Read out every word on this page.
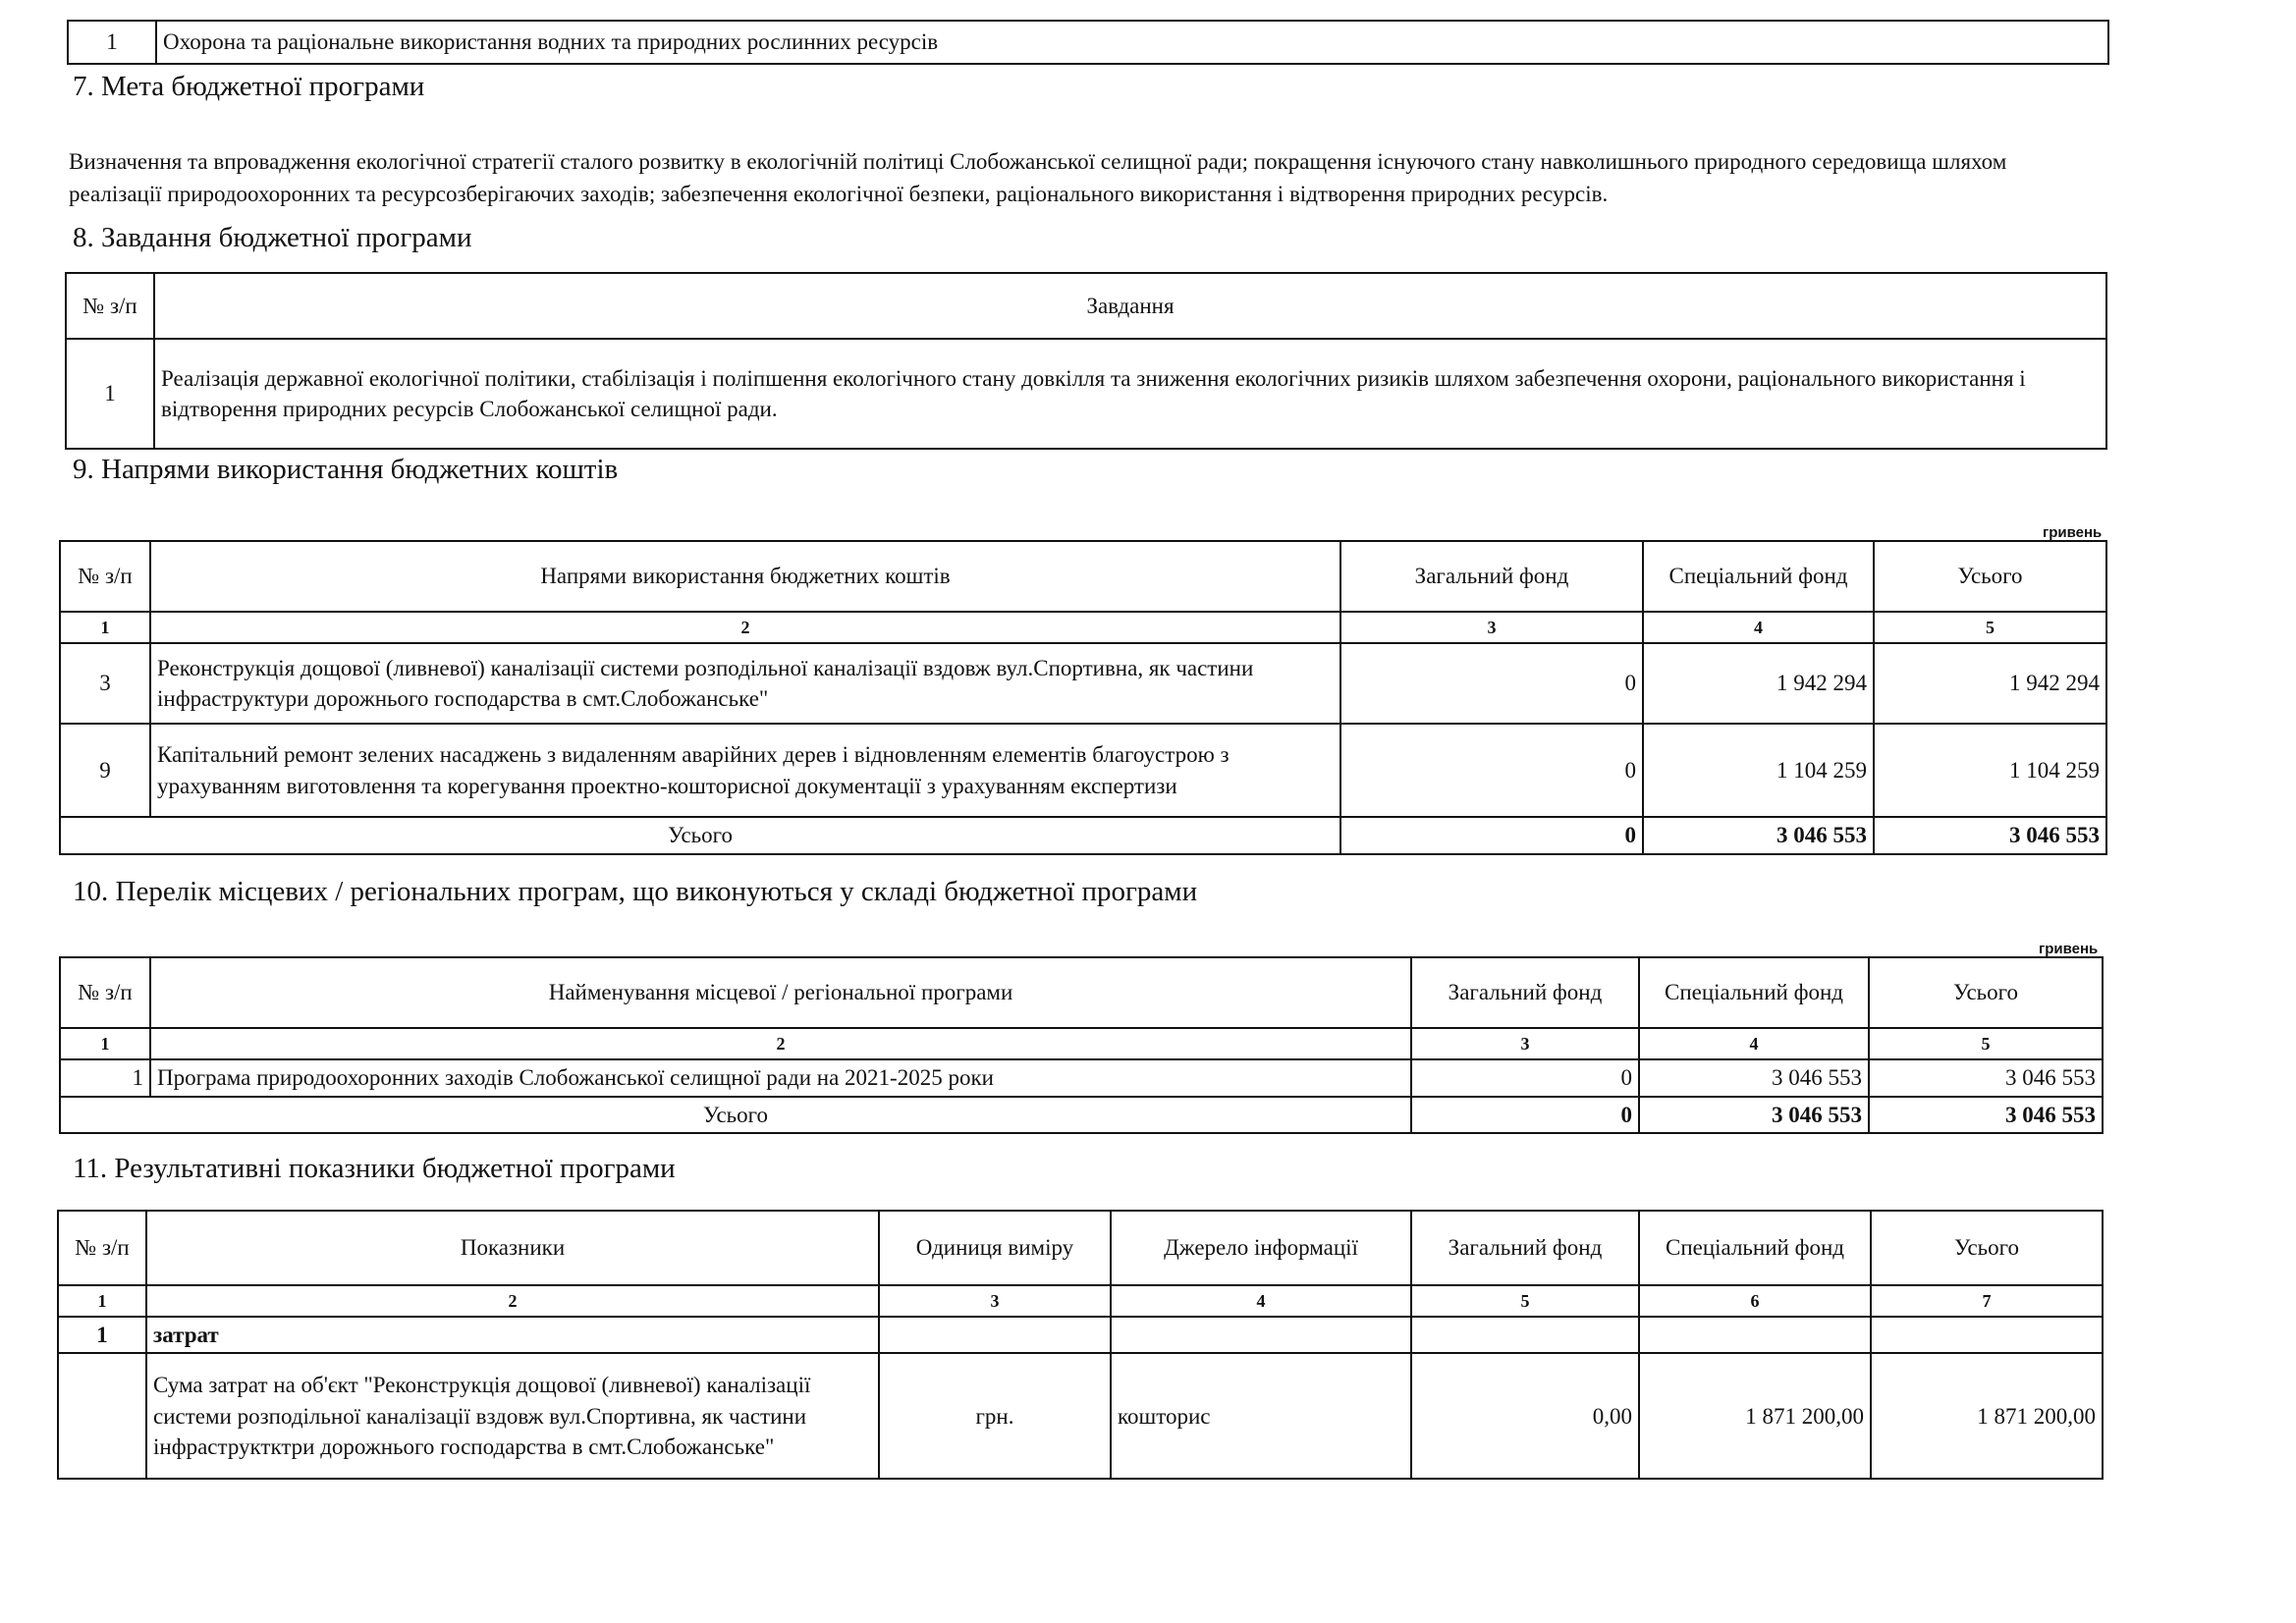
1	Охорона та раціональне використання водних та природних рослинних ресурсів
7. Мета бюджетної програми
Визначення та впровадження екологічної стратегії сталого розвитку в екологічній політиці Слобожанської селищної ради; покращення існуючого стану навколишнього природного середовища шляхом реалізації природоохоронних та ресурсозберігаючих заходів; забезпечення екологічної безпеки, раціонального використання і відтворення природних ресурсів.
8. Завдання бюджетної програми
№ з/п	Завдання
1	Реалізація державної екологічної політики, стабілізація і поліпшення екологічного стану довкілля та зниження екологічних ризиків шляхом забезпечення охорони, раціонального використання і відтворення природних ресурсів Слобожанської селищної ради.
9. Напрями використання бюджетних коштів
гривень
№ з/п	Напрями використання бюджетних коштів	Загальний фонд	Спеціальний фонд	Усього
1	2	3	4	5
3	Реконструкція дощової (ливневої) каналізації системи розподільної каналізації вздовж вул.Спортивна, як частини інфраструктури дорожнього господарства в смт.Слобожанське"	0	1 942 294	1 942 294
9	Капітальний ремонт зелених насаджень з видаленням аварійних дерев і відновленням елементів благоустрою з урахуванням виготовлення та корегування проектно-кошторисної документації з урахуванням експертизи	0	1 104 259	1 104 259
Усього		0	3 046 553	3 046 553
10. Перелік місцевих / регіональних програм, що виконуються у складі бюджетної програми
гривень
№ з/п	Найменування місцевої / регіональної програми	Загальний фонд	Спеціальний фонд	Усього
1	2	3	4	5
1	Програма природоохоронних заходів Слобожанської селищної ради на 2021-2025 роки	0	3 046 553	3 046 553
Усього		0	3 046 553	3 046 553
11. Результативні показники бюджетної програми
№ з/п	Показники	Одиниця виміру	Джерело інформації	Загальний фонд	Спеціальний фонд	Усього
1	2	3	4	5	6	7
1	затрат					
	Сума затрат на об'єкт "Реконструкція дощової (ливневої) каналізації системи розподільної каналізації вздовж вул.Спортивна, як частини інфраструктктри дорожнього господарства в смт.Слобожанське"	грн.	кошторис	0,00	1 871 200,00	1 871 200,00
